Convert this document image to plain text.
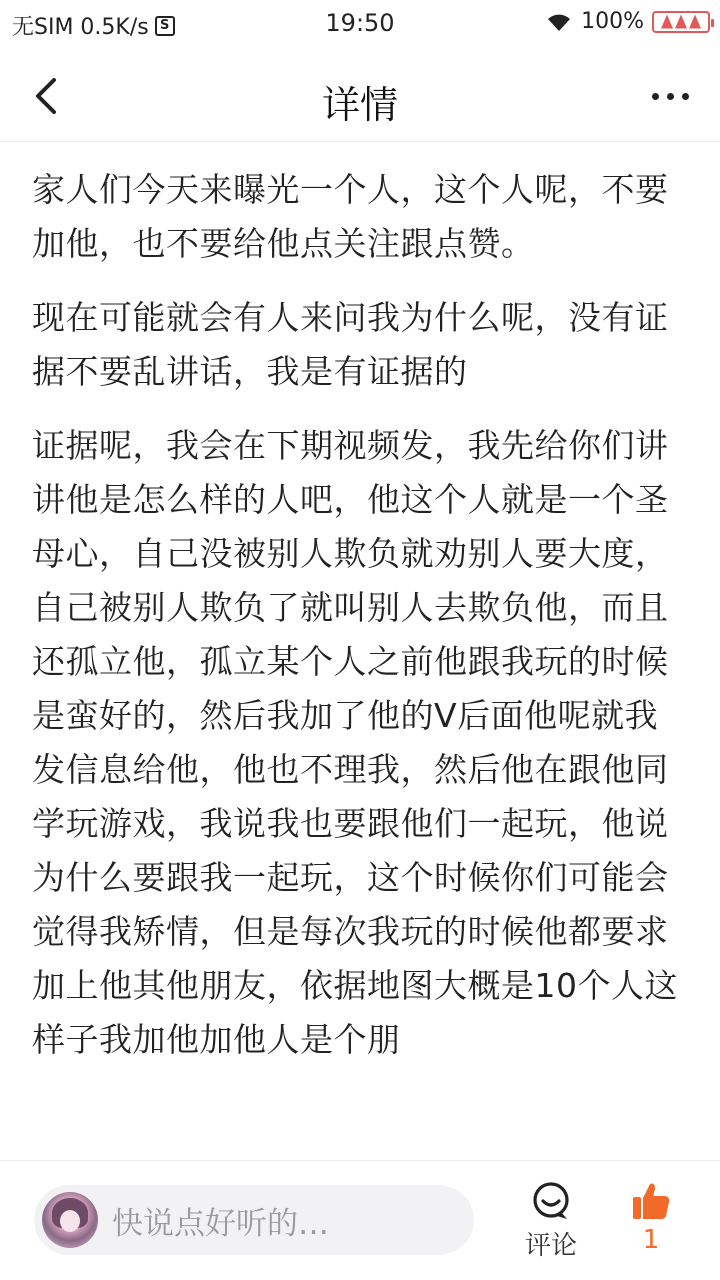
无SIM 0.5K/s S	19:50	100%
详情

家人们今天来曝光一个人，这个人呢，不要加他，也不要给他点关注跟点赞。

现在可能就会有人来问我为什么呢，没有证据不要乱讲话，我是有证据的

证据呢，我会在下期视频发，我先给你们讲讲他是怎么样的人吧，他这个人就是一个圣母心，自己没被别人欺负就劝别人要大度，自己被别人欺负了就叫别人去欺负他，而且还孤立他，孤立某个人之前他跟我玩的时候是蛮好的，然后我加了他的V后面他呢就我发信息给他，他也不理我，然后他在跟他同学玩游戏，我说我也要跟他们一起玩，他说为什么要跟我一起玩，这个时候你们可能会觉得我矫情，但是每次我玩的时候他都要求加上他其他朋友，依据地图大概是10个人这样子我加他加他人是个朋

快说点好听的…
评论	1
